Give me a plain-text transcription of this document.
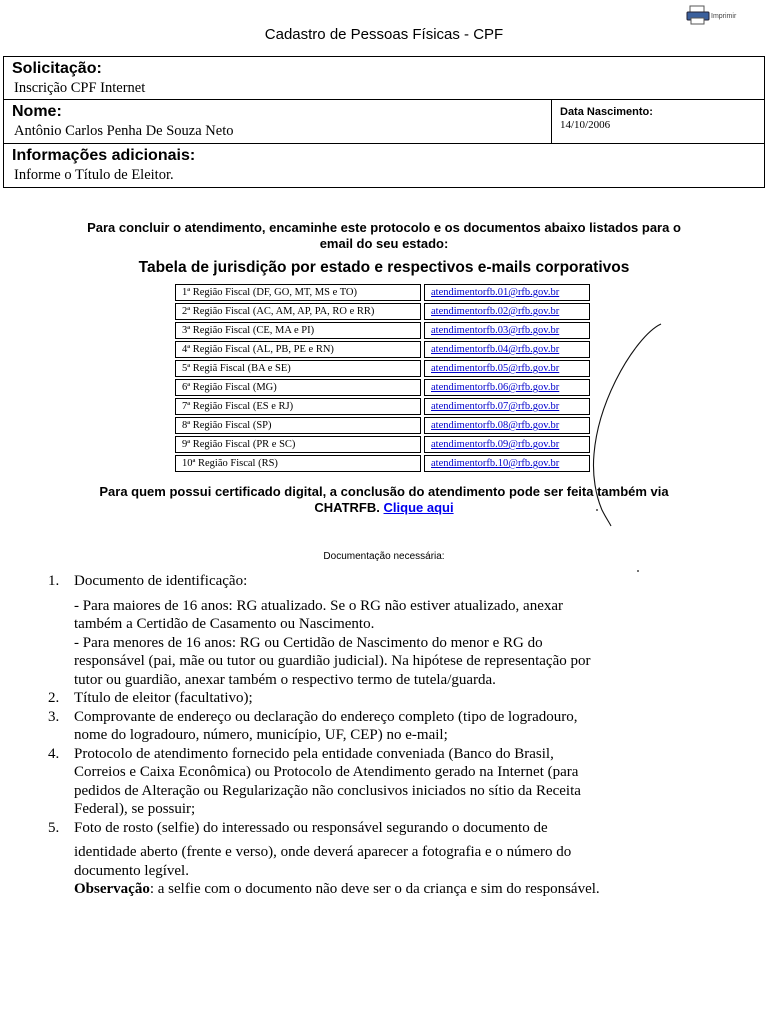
Imprimir
Cadastro de Pessoas Físicas - CPF
Solicitação:
Inscrição CPF Internet
Nome:
Antônio Carlos Penha De Souza Neto
Data Nascimento:
14/10/2006
Informações adicionais:
Informe o Título de Eleitor.
Para concluir o atendimento, encaminhe este protocolo e os documentos abaixo listados para o
email do seu estado:
Tabela de jurisdição por estado e respectivos e-mails corporativos
1ª Região Fiscal (DF, GO, MT, MS e TO)	atendimentorfb.01@rfb.gov.br
2ª Região Fiscal (AC, AM, AP, PA, RO e RR)	atendimentorfb.02@rfb.gov.br
3ª Região Fiscal (CE, MA e PI)	atendimentorfb.03@rfb.gov.br
4ª Região Fiscal (AL, PB, PE e RN)	atendimentorfb.04@rfb.gov.br
5ª Regiã Fiscal (BA e SE)	atendimentorfb.05@rfb.gov.br
6ª Região Fiscal (MG)	atendimentorfb.06@rfb.gov.br
7ª Região Fiscal (ES e RJ)	atendimentorfb.07@rfb.gov.br
8ª Região Fiscal (SP)	atendimentorfb.08@rfb.gov.br
9ª Região Fiscal (PR e SC)	atendimentorfb.09@rfb.gov.br
10ª Região Fiscal (RS)	atendimentorfb.10@rfb.gov.br
Para quem possui certificado digital, a conclusão do atendimento pode ser feita também via
CHATRFB. Clique aqui
Documentação necessária:
1. Documento de identificação:
- Para maiores de 16 anos: RG atualizado. Se o RG não estiver atualizado, anexar
também a Certidão de Casamento ou Nascimento.
- Para menores de 16 anos: RG ou Certidão de Nascimento do menor e RG do
responsável (pai, mãe ou tutor ou guardião judicial). Na hipótese de representação por
tutor ou guardião, anexar também o respectivo termo de tutela/guarda.
2. Título de eleitor (facultativo);
3. Comprovante de endereço ou declaração do endereço completo (tipo de logradouro,
nome do logradouro, número, município, UF, CEP) no e-mail;
4. Protocolo de atendimento fornecido pela entidade conveniada (Banco do Brasil,
Correios e Caixa Econômica) ou Protocolo de Atendimento gerado na Internet (para
pedidos de Alteração ou Regularização não conclusivos iniciados no sítio da Receita
Federal), se possuir;
5. Foto de rosto (selfie) do interessado ou responsável segurando o documento de
identidade aberto (frente e verso), onde deverá aparecer a fotografia e o número do
documento legível.
Observação: a selfie com o documento não deve ser o da criança e sim do responsável.
